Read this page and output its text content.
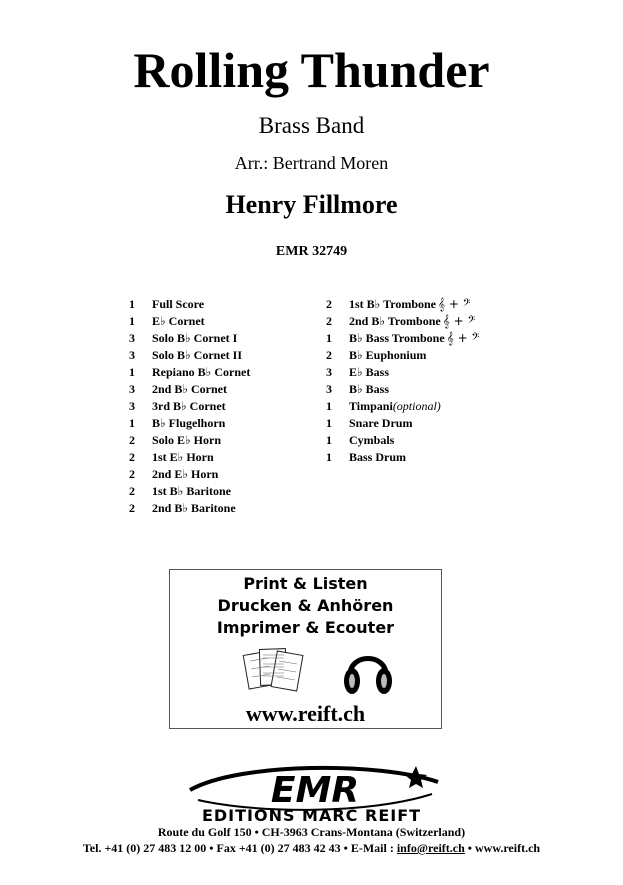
Rolling Thunder
Brass Band
Arr.: Bertrand Moren
Henry Fillmore
EMR 32749
1	Full Score
1	E♭ Cornet
3	Solo B♭ Cornet I
3	Solo B♭ Cornet II
1	Repiano B♭ Cornet
3	2nd B♭ Cornet
3	3rd B♭ Cornet
1	B♭ Flugelhorn
2	Solo E♭ Horn
2	1st E♭ Horn
2	2nd E♭ Horn
2	1st B♭ Baritone
2	2nd B♭ Baritone
2	1st B♭ Trombone 𝄞 + 𝄢
2	2nd B♭ Trombone 𝄞 + 𝄢
1	B♭ Bass Trombone 𝄞 + 𝄢
2	B♭ Euphonium
3	E♭ Bass
3	B♭ Bass
1	Timpani (optional)
1	Snare Drum
1	Cymbals
1	Bass Drum
Print & Listen
Drucken & Anhören
Imprimer & Ecouter
www.reift.ch
EMR
EDITIONS MARC REIFT
Route du Golf 150 • CH-3963 Crans-Montana (Switzerland)
Tel. +41 (0) 27 483 12 00 • Fax +41 (0) 27 483 42 43 • E-Mail : info@reift.ch • www.reift.ch
